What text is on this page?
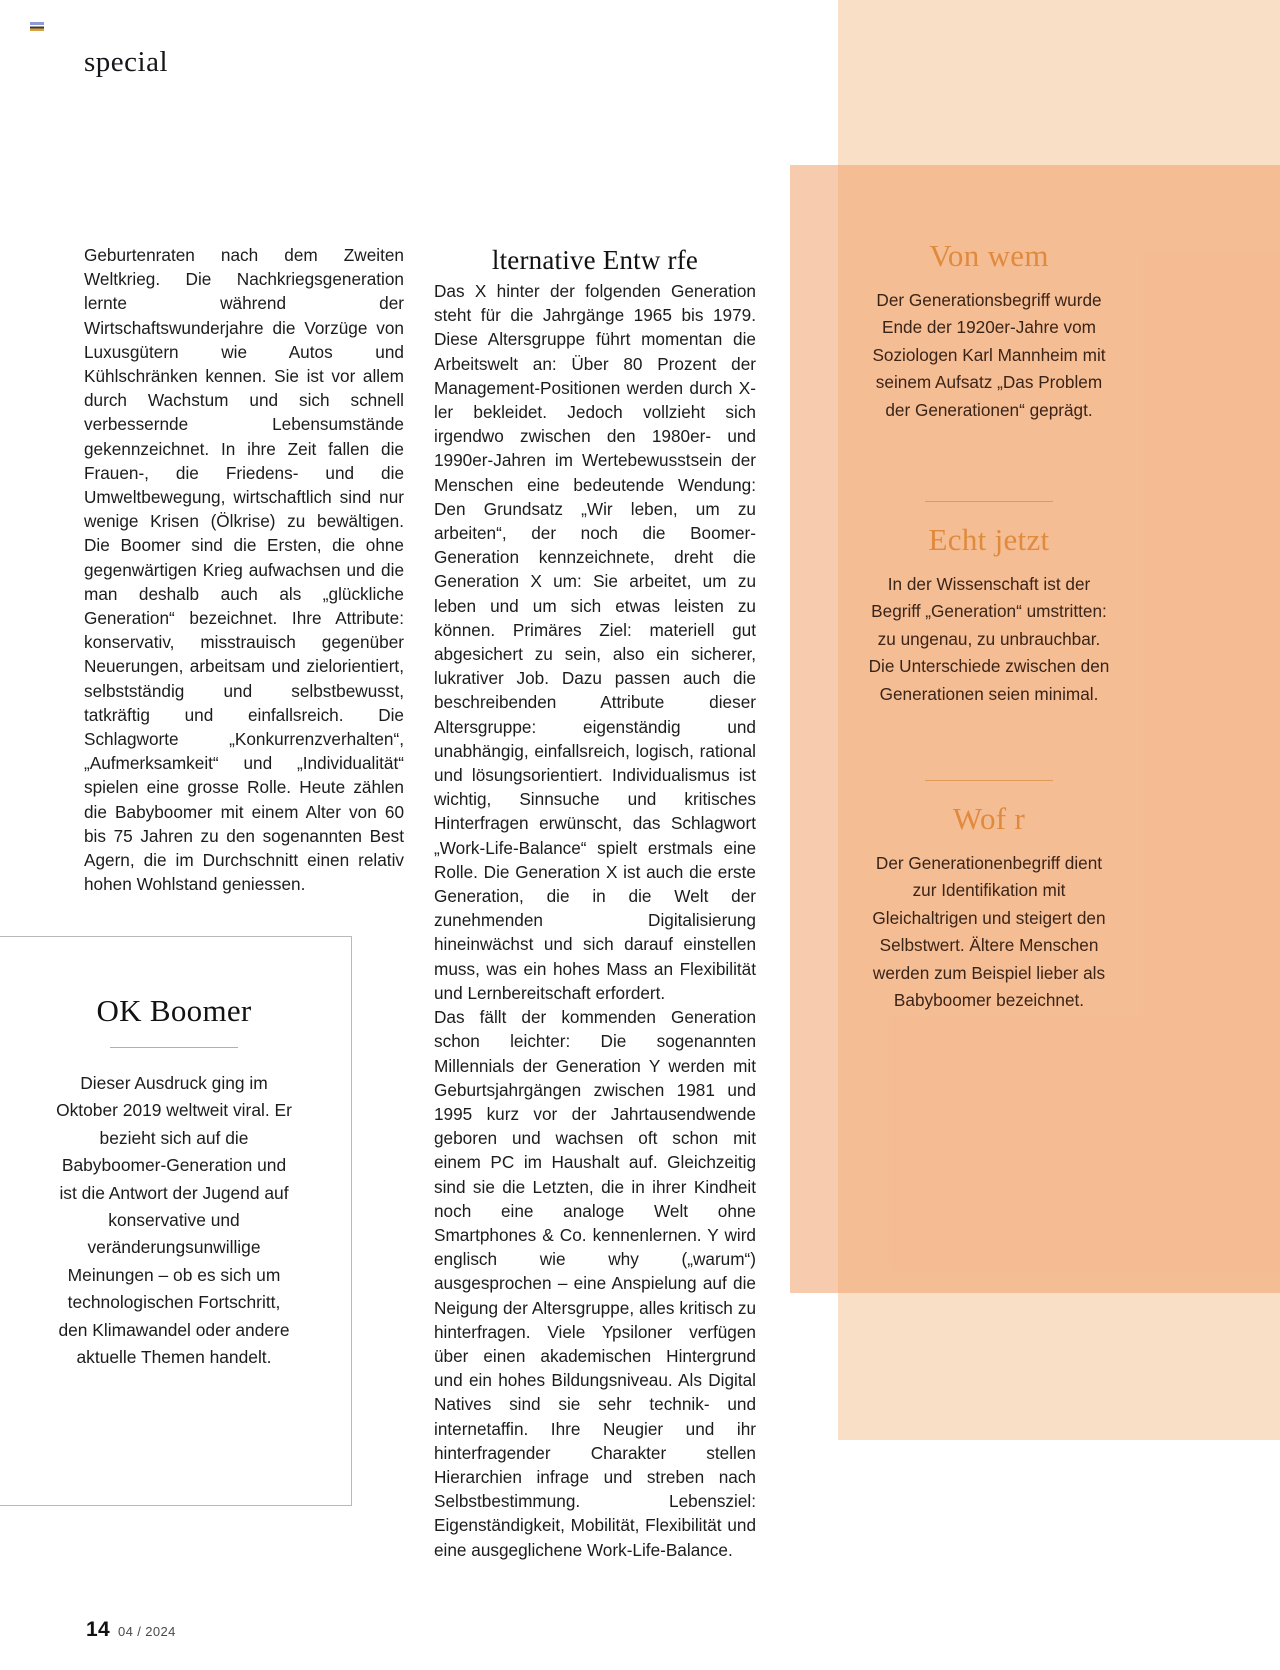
special

Geburtenraten nach dem Zweiten Weltkrieg. Die Nachkriegsgeneration lernte während der Wirtschaftswunderjahre die Vorzüge von Luxusgütern wie Autos und Kühlschränken kennen. Sie ist vor allem durch Wachstum und sich schnell verbessernde Lebensumstände gekennzeichnet. In ihre Zeit fallen die Frauen-, die Friedens- und die Umweltbewegung, wirtschaftlich sind nur wenige Krisen (Ölkrise) zu bewältigen. Die Boomer sind die Ersten, die ohne gegenwärtigen Krieg aufwachsen und die man deshalb auch als „glückliche Generation“ bezeichnet. Ihre Attribute: konservativ, misstrauisch gegenüber Neuerungen, arbeitsam und zielorientiert, selbstständig und selbstbewusst, tatkräftig und einfallsreich. Die Schlagworte „Konkurrenzverhalten“, „Aufmerksamkeit“ und „Individualität“ spielen eine grosse Rolle. Heute zählen die Babyboomer mit einem Alter von 60 bis 75 Jahren zu den sogenannten Best Agern, die im Durchschnitt einen relativ hohen Wohlstand geniessen.

lternative Entw rfe

Das X hinter der folgenden Generation steht für die Jahrgänge 1965 bis 1979. Diese Altersgruppe führt momentan die Arbeitswelt an: Über 80 Prozent der Management-Positionen werden durch X-ler bekleidet. Jedoch vollzieht sich irgendwo zwischen den 1980er- und 1990er-Jahren im Wertebewusstsein der Menschen eine bedeutende Wendung: Den Grundsatz „Wir leben, um zu arbeiten“, der noch die Boomer-Generation kennzeichnete, dreht die Generation X um: Sie arbeitet, um zu leben und um sich etwas leisten zu können. Primäres Ziel: materiell gut abgesichert zu sein, also ein sicherer, lukrativer Job. Dazu passen auch die beschreibenden Attribute dieser Altersgruppe: eigenständig und unabhängig, einfallsreich, logisch, rational und lösungsorientiert. Individualismus ist wichtig, Sinnsuche und kritisches Hinterfragen erwünscht, das Schlagwort „Work-Life-Balance“ spielt erstmals eine Rolle. Die Generation X ist auch die erste Generation, die in die Welt der zunehmenden Digitalisierung hineinwächst und sich darauf einstellen muss, was ein hohes Mass an Flexibilität und Lernbereitschaft erfordert.

Das fällt der kommenden Generation schon leichter: Die sogenannten Millennials der Generation Y werden mit Geburtsjahrgängen zwischen 1981 und 1995 kurz vor der Jahrtausendwende geboren und wachsen oft schon mit einem PC im Haushalt auf. Gleichzeitig sind sie die Letzten, die in ihrer Kindheit noch eine analoge Welt ohne Smartphones & Co. kennenlernen. Y wird englisch wie why („warum“) ausgesprochen – eine Anspielung auf die Neigung der Altersgruppe, alles kritisch zu hinterfragen. Viele Ypsiloner verfügen über einen akademischen Hintergrund und ein hohes Bildungsniveau. Als Digital Natives sind sie sehr technik- und internetaffin. Ihre Neugier und ihr hinterfragender Charakter stellen Hierarchien infrage und streben nach Selbstbestimmung. Lebensziel: Eigenständigkeit, Mobilität, Flexibilität und eine ausgeglichene Work-Life-Balance.

OK Boomer
Dieser Ausdruck ging im Oktober 2019 weltweit viral. Er bezieht sich auf die Babyboomer-Generation und ist die Antwort der Jugend auf konservative und veränderungsunwillige Meinungen – ob es sich um technologischen Fortschritt, den Klimawandel oder andere aktuelle Themen handelt.
Von wem
Der Generationsbegriff wurde Ende der 1920er-Jahre vom Soziologen Karl Mannheim mit seinem Aufsatz „Das Problem der Generationen“ geprägt.
Echt jetzt
In der Wissenschaft ist der Begriff „Generation“ umstritten: zu ungenau, zu unbrauchbar. Die Unterschiede zwischen den Generationen seien minimal.
Wof r
Der Generationenbegriff dient zur Identifikation mit Gleichaltrigen und steigert den Selbstwert. Ältere Menschen werden zum Beispiel lieber als Babyboomer bezeichnet.
14 04 / 2024
